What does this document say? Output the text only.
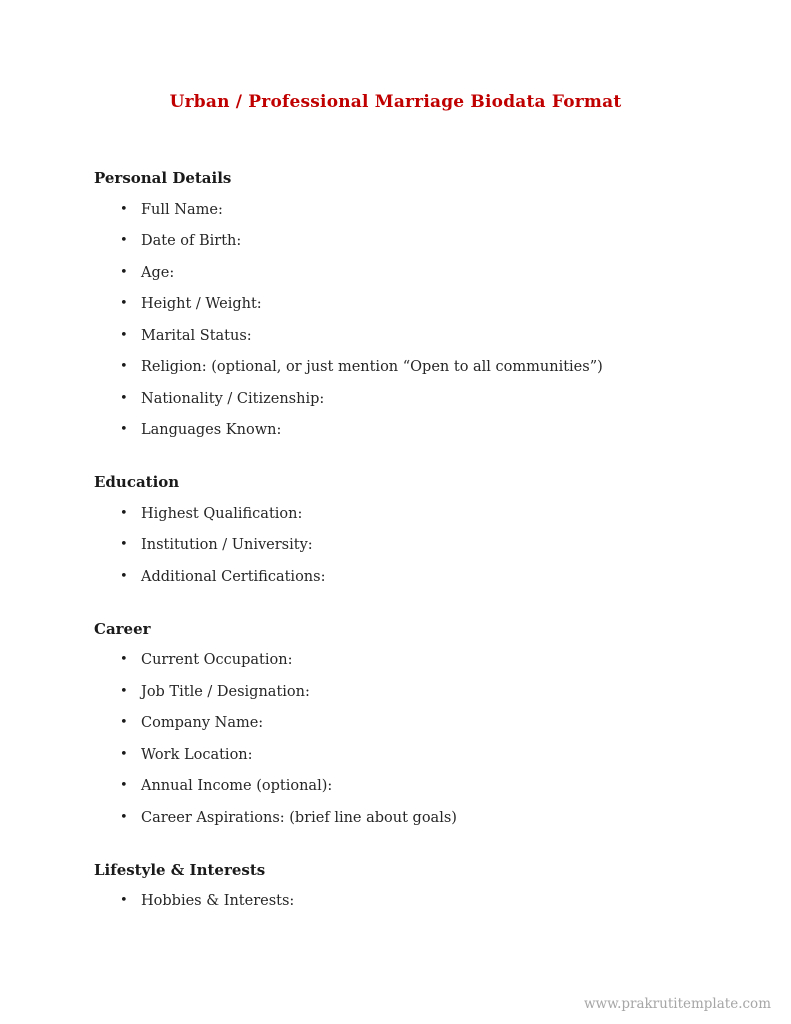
Urban / Professional Marriage Biodata Format
Personal Details
• Full Name:
• Date of Birth:
• Age:
• Height / Weight:
• Marital Status:
• Religion: (optional, or just mention “Open to all communities”)
• Nationality / Citizenship:
• Languages Known:
Education
• Highest Qualification:
• Institution / University:
• Additional Certifications:
Career
• Current Occupation:
• Job Title / Designation:
• Company Name:
• Work Location:
• Annual Income (optional):
• Career Aspirations: (brief line about goals)
Lifestyle & Interests
• Hobbies & Interests:
www.prakrutitemplate.com
